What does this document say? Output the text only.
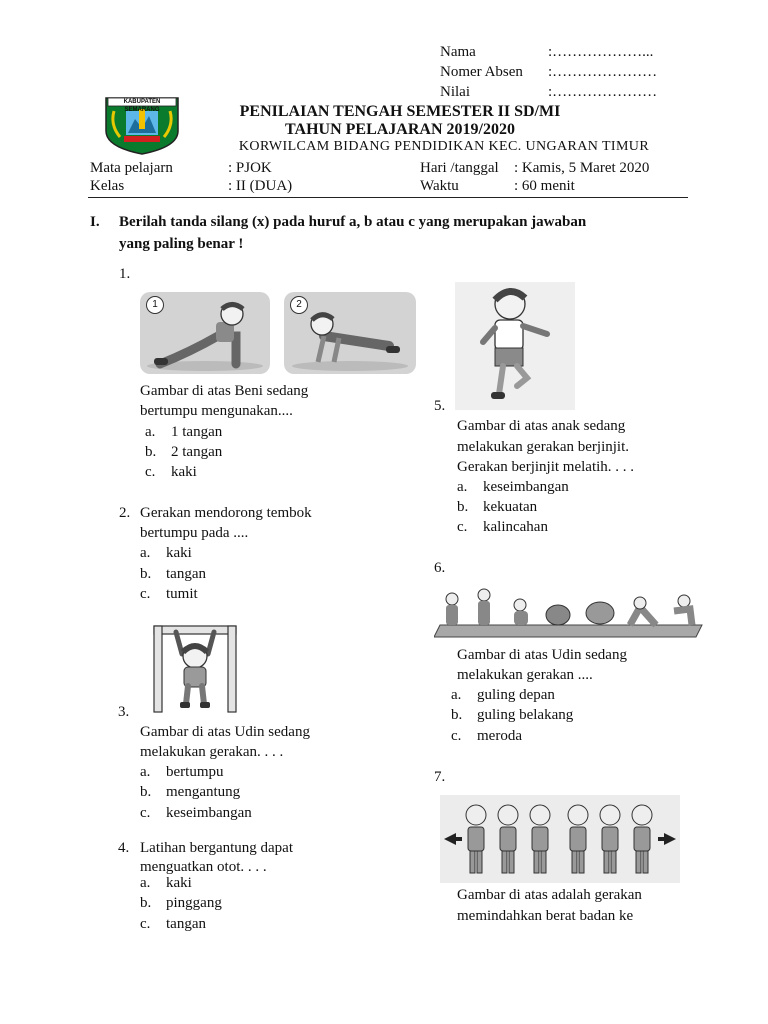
Nama	:………………...
Nomer Absen :…………………
Nilai	:…………………
KABUPATEN SEMARANG	PENILAIAN TENGAH SEMESTER II SD/MI
TAHUN PELAJARAN 2019/2020
KORWILCAM BIDANG PENDIDIKAN KEC. UNGARAN TIMUR
Mata pelajarn	: PJOK	Hari /tanggal : Kamis, 5 Maret 2020
Kelas	: II (DUA)	Waktu	: 60 menit
I. Berilah tanda silang (x) pada huruf a, b atau c yang merupakan jawaban
yang paling benar !
1.
1	2
Gambar di atas Beni sedang
bertumpu mengunakan....
a. 1 tangan
b. 2 tangan
c. kaki
2. Gerakan mendorong tembok
bertumpu pada ....
a. kaki
b. tangan
c. tumit
3.
Gambar di atas Udin sedang
melakukan gerakan. . . .
a. bertumpu
b. mengantung
c. keseimbangan
4. Latihan bergantung dapat
menguatkan otot. . . .
a. kaki
b. pinggang
c. tangan
5.
Gambar di atas anak sedang
melakukan gerakan berjinjit.
Gerakan berjinjit melatih. . . .
a. keseimbangan
b. kekuatan
c. kalincahan
6.
Gambar di atas Udin sedang
melakukan gerakan ....
a. guling depan
b. guling belakang
c. meroda
7.
Gambar di atas adalah gerakan
memindahkan berat badan ke
